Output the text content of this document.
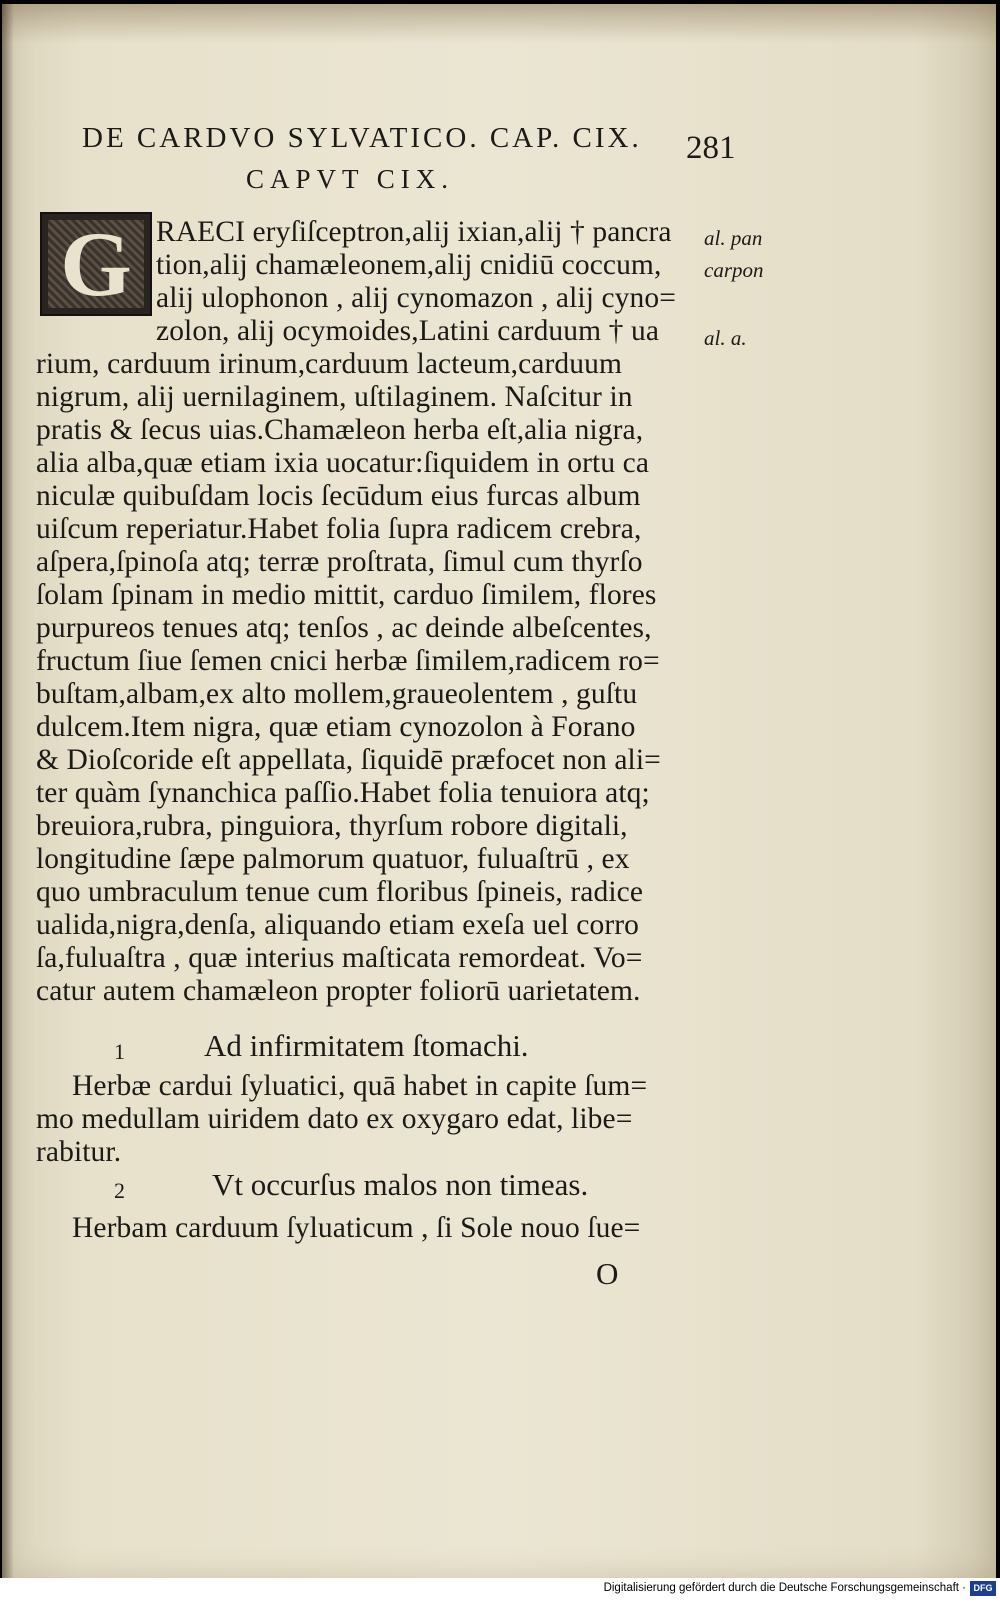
DE CARDVO SYLVATICO. CAP. CIX. 281

CAPVT CIX.

G	al. pan
carpon
al. a.

RAECI eryſiſceptron,alij ixian,alij † pancra

tion,alij chamæleonem,alij cnidiū coccum,

alij ulophonon , alij cynomazon , alij cyno=

zolon, alij ocymoides,Latini carduum † ua

rium, carduum irinum,carduum lacteum,carduum

nigrum, alij uernilaginem, uſtilaginem. Naſcitur in

pratis & ſecus uias.Chamæleon herba eſt,alia nigra,

alia alba,quæ etiam ixia uocatur:ſiquidem in ortu ca

niculæ quibuſdam locis ſecūdum eius furcas album

uiſcum reperiatur.Habet folia ſupra radicem crebra,

aſpera,ſpinoſa atq; terræ proſtrata, ſimul cum thyrſo

ſolam ſpinam in medio mittit, carduo ſimilem, flores

purpureos tenues atq; tenſos , ac deinde albeſcentes,

fructum ſiue ſemen cnici herbæ ſimilem,radicem ro=

buſtam,albam,ex alto mollem,graueolentem , guſtu

dulcem.Item nigra, quæ etiam cynozolon à Forano

& Dioſcoride eſt appellata, ſiquidē præfocet non ali=

ter quàm ſynanchica paſſio.Habet folia tenuiora atq;

breuiora,rubra, pinguiora, thyrſum robore digitali,

longitudine ſæpe palmorum quatuor, fuluaſtrū , ex

quo umbraculum tenue cum floribus ſpineis, radice

ualida,nigra,denſa, aliquando etiam exeſa uel corro

ſa,fuluaſtra , quæ interius maſticata remordeat. Vo=

catur autem chamæleon propter foliorū uarietatem.

1	Ad infirmitatem ſtomachi.

Herbæ cardui ſyluatici, quā habet in capite ſum=

mo medullam uiridem dato ex oxygaro edat, libe=

rabitur.

2	Vt occurſus malos non timeas.

Herbam carduum ſyluaticum , ſi Sole nouo ſue=

O
Digitalisierung gefördert durch die Deutsche Forschungsgemeinschaft · DFG
